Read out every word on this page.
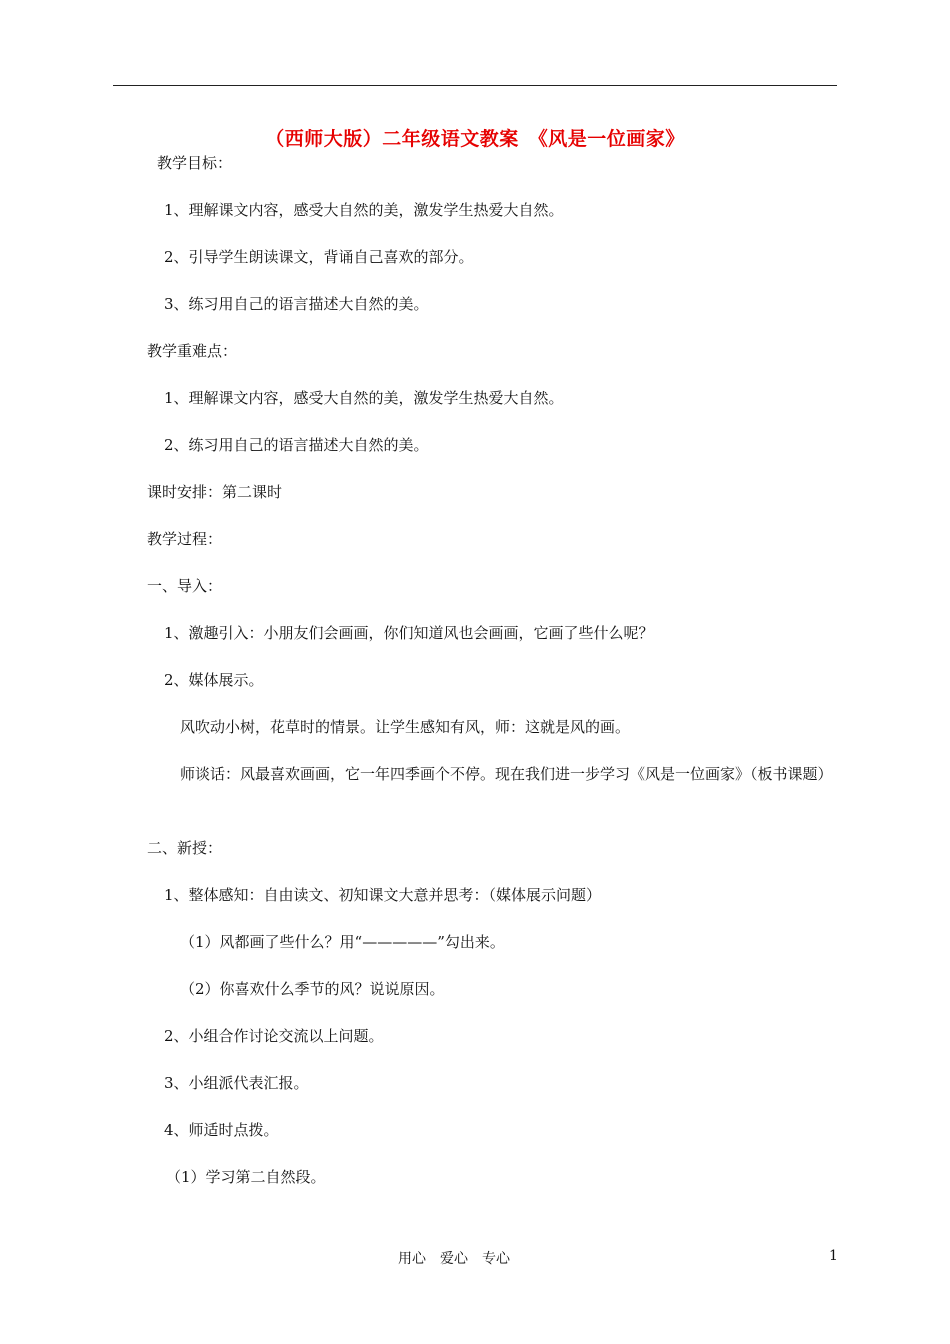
（西师大版）二年级语文教案　《风是一位画家》
教学目标：
1、理解课文内容，感受大自然的美，激发学生热爱大自然。
2、引导学生朗读课文，背诵自己喜欢的部分。
3、练习用自己的语言描述大自然的美。
教学重难点：
1、理解课文内容，感受大自然的美，激发学生热爱大自然。
2、练习用自己的语言描述大自然的美。
课时安排：第二课时
教学过程：
一、导入：
1、激趣引入：小朋友们会画画，你们知道风也会画画，它画了些什么呢？
2、媒体展示。
风吹动小树，花草时的情景。让学生感知有风，师：这就是风的画。
师谈话：风最喜欢画画，它一年四季画个不停。现在我们进一步学习《风是一位画家》（板书课题）
二、新授：
1、整体感知：自由读文、初知课文大意并思考：（媒体展示问题）
（1）风都画了些什么？用“—————”勾出来。
（2）你喜欢什么季节的风？说说原因。
2、小组合作讨论交流以上问题。
3、小组派代表汇报。
4、师适时点拨。
（1）学习第二自然段。
用心　爱心　专心	1
